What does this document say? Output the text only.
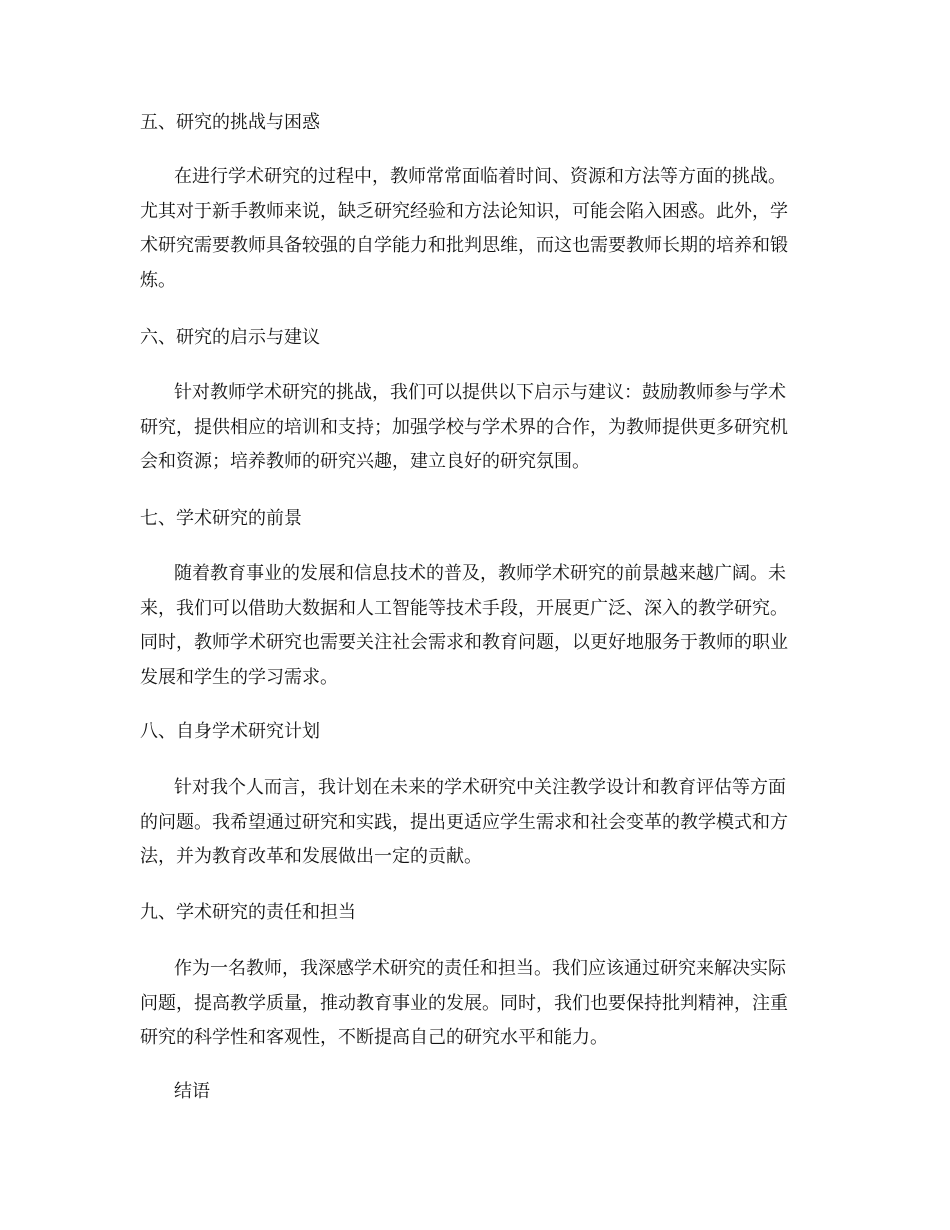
五、研究的挑战与困惑
在进行学术研究的过程中，教师常常面临着时间、资源和方法等方面的挑战。
尤其对于新手教师来说，缺乏研究经验和方法论知识，可能会陷入困惑。此外，学
术研究需要教师具备较强的自学能力和批判思维，而这也需要教师长期的培养和锻
炼。
六、研究的启示与建议
针对教师学术研究的挑战，我们可以提供以下启示与建议：鼓励教师参与学术
研究，提供相应的培训和支持；加强学校与学术界的合作，为教师提供更多研究机
会和资源；培养教师的研究兴趣，建立良好的研究氛围。
七、学术研究的前景
随着教育事业的发展和信息技术的普及，教师学术研究的前景越来越广阔。未
来，我们可以借助大数据和人工智能等技术手段，开展更广泛、深入的教学研究。
同时，教师学术研究也需要关注社会需求和教育问题，以更好地服务于教师的职业
发展和学生的学习需求。
八、自身学术研究计划
针对我个人而言，我计划在未来的学术研究中关注教学设计和教育评估等方面
的问题。我希望通过研究和实践，提出更适应学生需求和社会变革的教学模式和方
法，并为教育改革和发展做出一定的贡献。
九、学术研究的责任和担当
作为一名教师，我深感学术研究的责任和担当。我们应该通过研究来解决实际
问题，提高教学质量，推动教育事业的发展。同时，我们也要保持批判精神，注重
研究的科学性和客观性，不断提高自己的研究水平和能力。
结语
